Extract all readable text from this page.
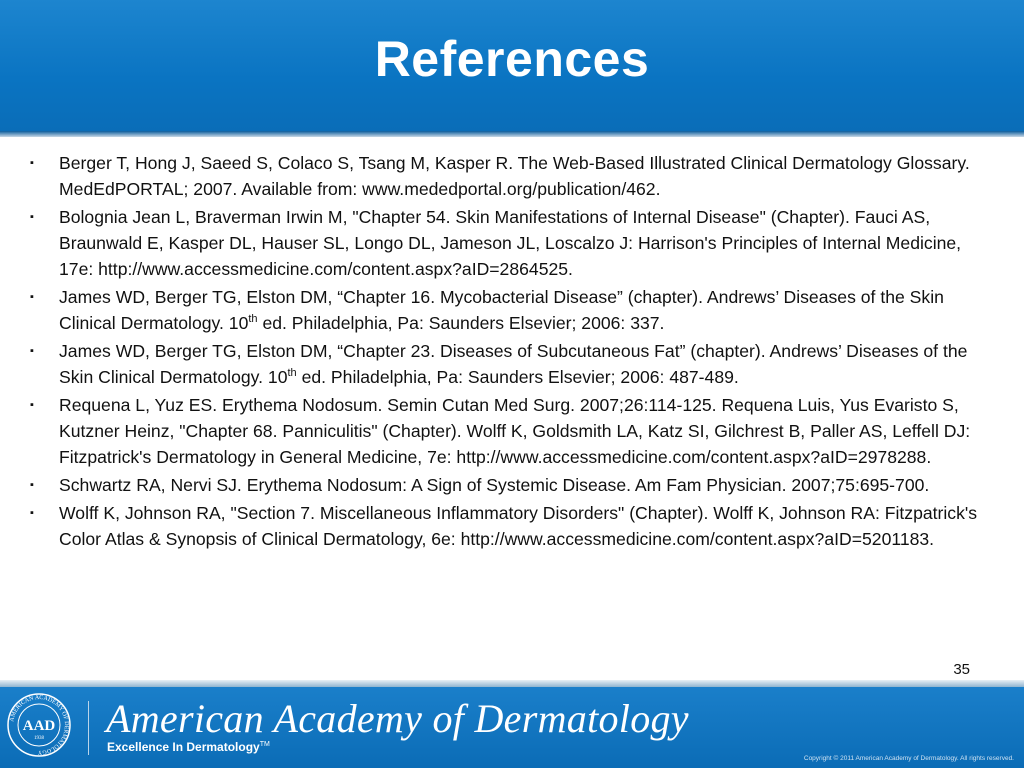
References
▪ Berger T, Hong J, Saeed S, Colaco S, Tsang M, Kasper R. The Web-Based Illustrated Clinical Dermatology Glossary. MedEdPORTAL; 2007. Available from: www.mededportal.org/publication/462.
▪ Bolognia Jean L, Braverman Irwin M, "Chapter 54. Skin Manifestations of Internal Disease" (Chapter). Fauci AS, Braunwald E, Kasper DL, Hauser SL, Longo DL, Jameson JL, Loscalzo J: Harrison's Principles of Internal Medicine, 17e: http://www.accessmedicine.com/content.aspx?aID=2864525.
▪ James WD, Berger TG, Elston DM, “Chapter 16. Mycobacterial Disease” (chapter). Andrews’ Diseases of the Skin Clinical Dermatology. 10th ed. Philadelphia, Pa: Saunders Elsevier; 2006: 337.
▪ James WD, Berger TG, Elston DM, “Chapter 23. Diseases of Subcutaneous Fat” (chapter). Andrews’ Diseases of the Skin Clinical Dermatology. 10th ed. Philadelphia, Pa: Saunders Elsevier; 2006: 487-489.
▪ Requena L, Yuz ES. Erythema Nodosum. Semin Cutan Med Surg. 2007;26:114-125. Requena Luis, Yus Evaristo S, Kutzner Heinz, "Chapter 68. Panniculitis" (Chapter). Wolff K, Goldsmith LA, Katz SI, Gilchrest B, Paller AS, Leffell DJ: Fitzpatrick's Dermatology in General Medicine, 7e: http://www.accessmedicine.com/content.aspx?aID=2978288.
▪ Schwartz RA, Nervi SJ. Erythema Nodosum: A Sign of Systemic Disease. Am Fam Physician. 2007;75:695-700.
▪ Wolff K, Johnson RA, "Section 7. Miscellaneous Inflammatory Disorders" (Chapter). Wolff K, Johnson RA: Fitzpatrick's Color Atlas & Synopsis of Clinical Dermatology, 6e: http://www.accessmedicine.com/content.aspx?aID=5201183.
35
AMERICAN ACADEMY OF DERMATOLOGY
AAD
1938 American Academy of Dermatology
Excellence In Dermatology™
Copyright © 2011 American Academy of Dermatology. All rights reserved.
